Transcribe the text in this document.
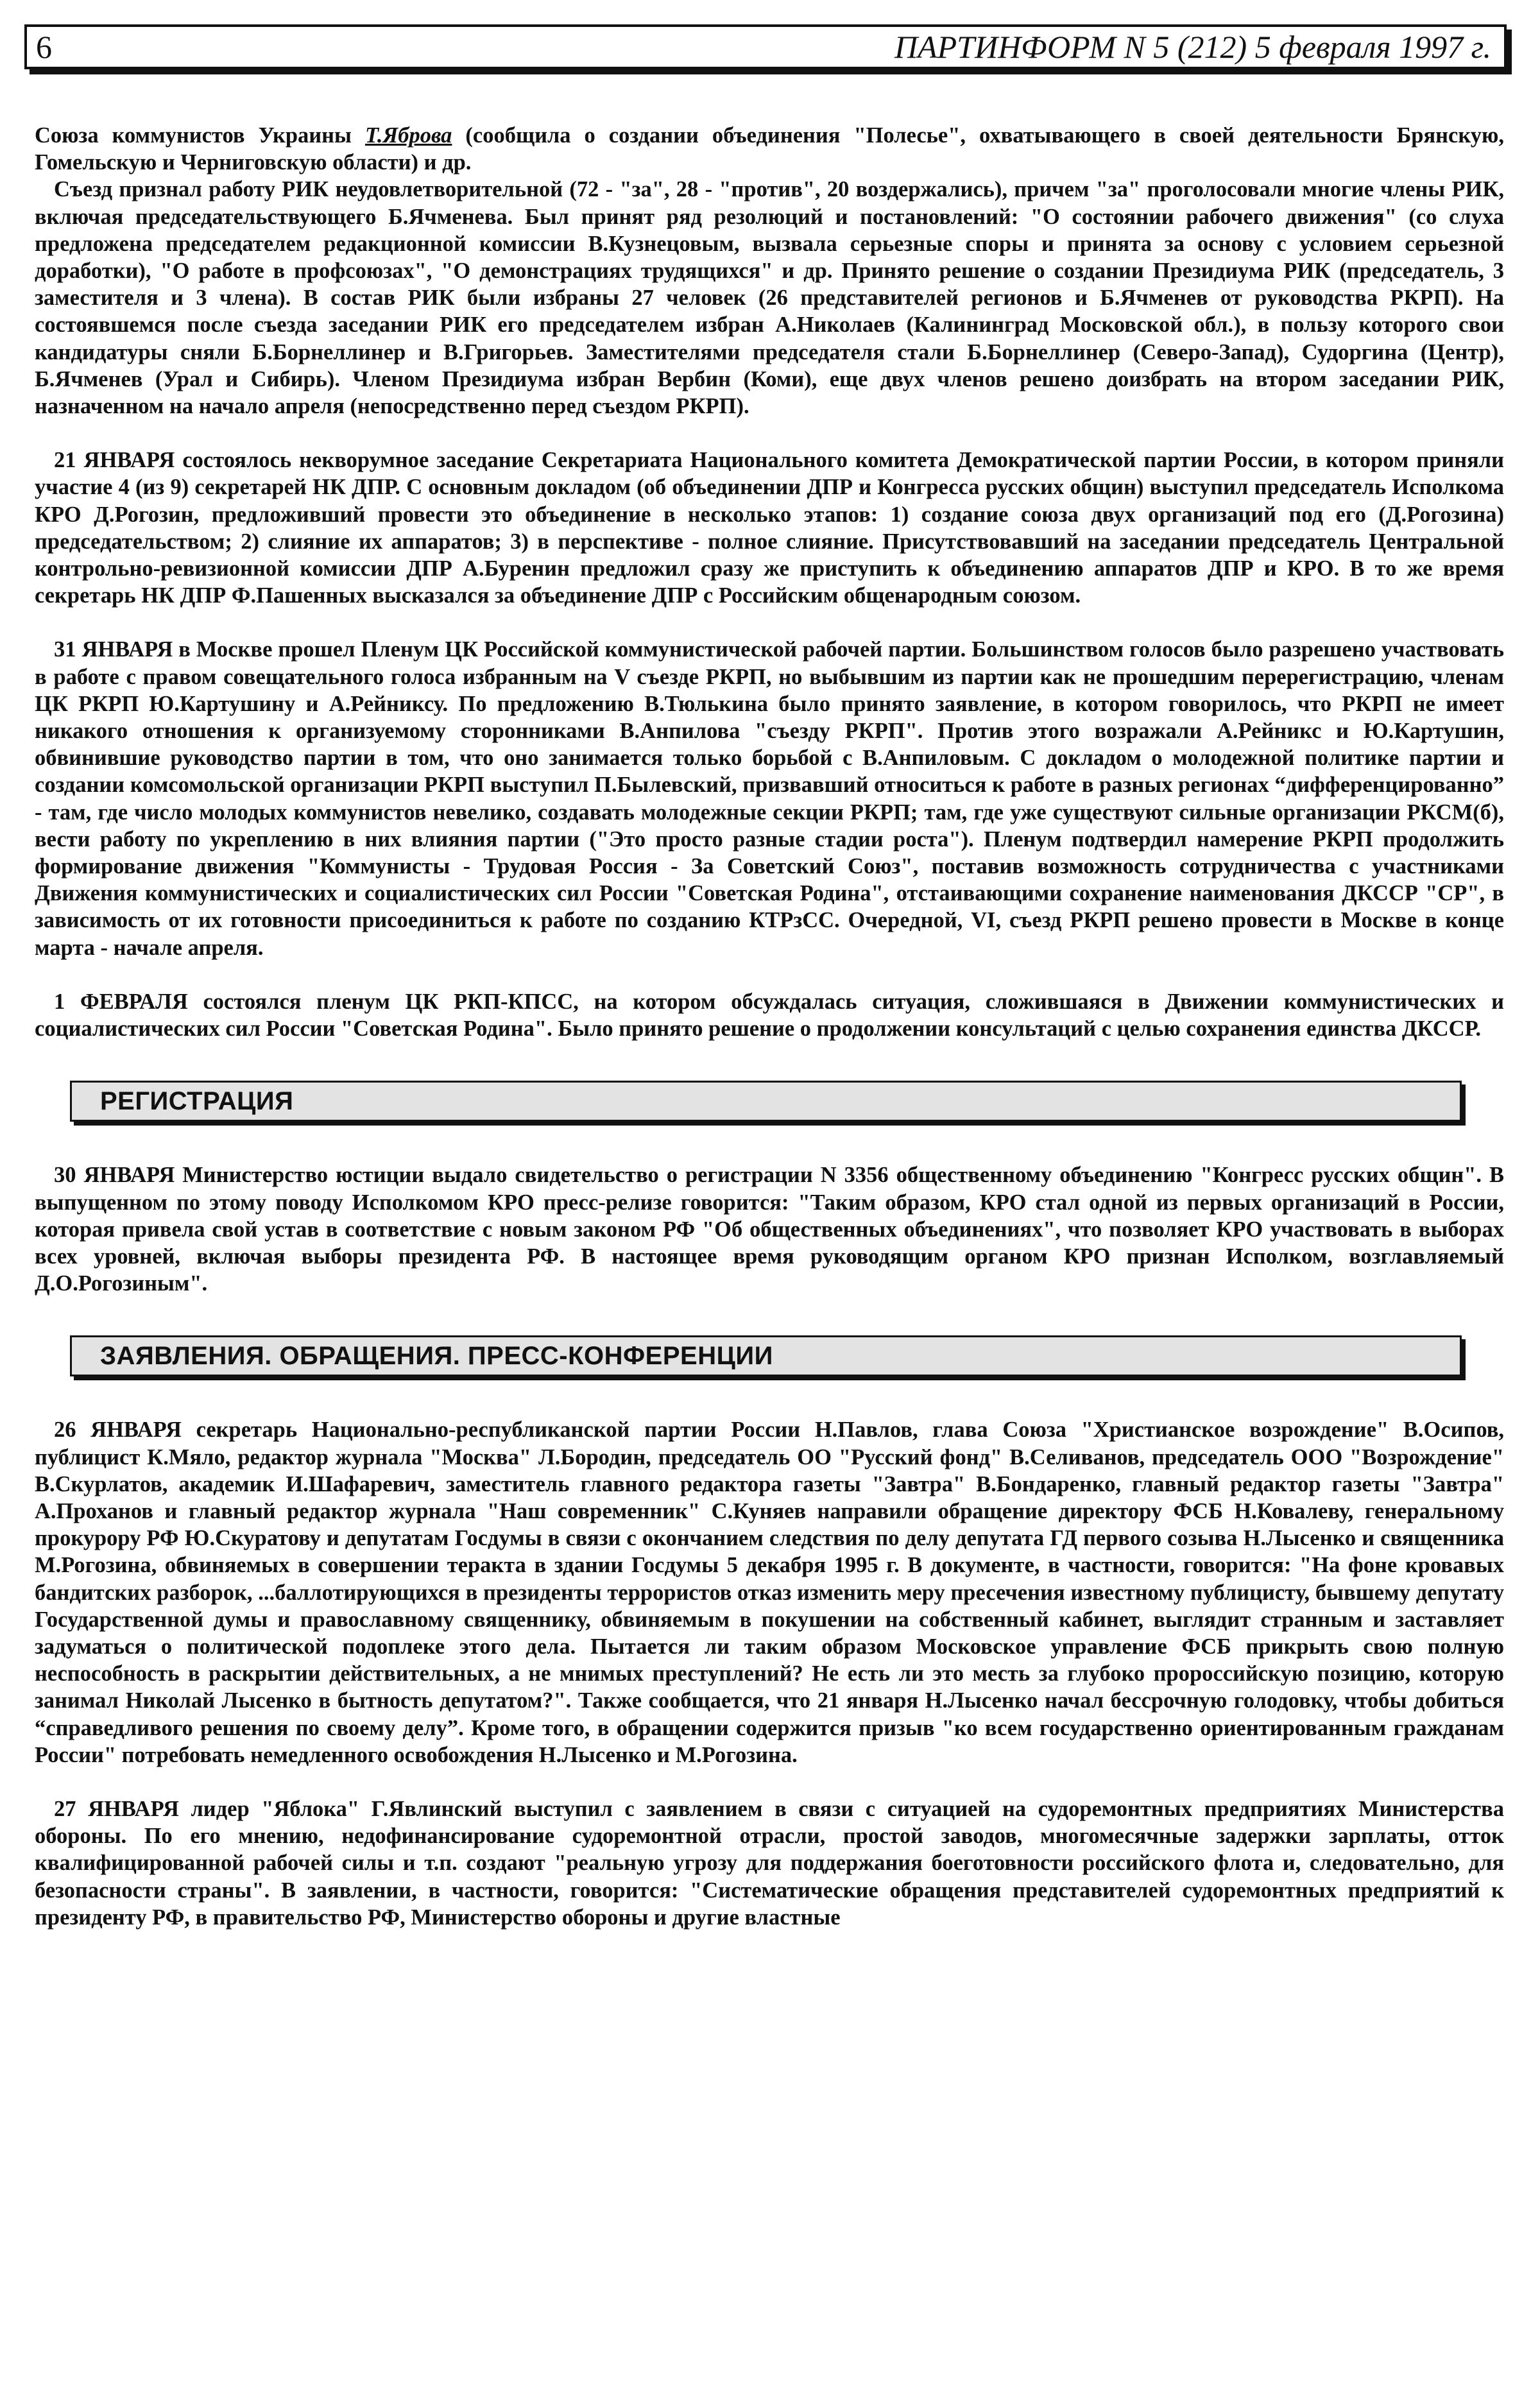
6	ПАРТИНФОРМ N 5 (212) 5 февраля 1997 г.

Союза коммунистов Украины Т.Яброва (сообщила о создании объединения "Полесье", охватывающего в своей деятельности Брянскую, Гомельскую и Черниговскую области) и др.

Съезд признал работу РИК неудовлетворительной (72 - "за", 28 - "против", 20 воздержались), причем "за" проголосовали многие члены РИК, включая председательствующего Б.Ячменева. Был принят ряд резолюций и постановлений: "О состоянии рабочего движения" (со слуха предложена председателем редакционной комиссии В.Кузнецовым, вызвала серьезные споры и принята за основу с условием серьезной доработки), "О работе в профсоюзах", "О демонстрациях трудящихся" и др. Принято решение о создании Президиума РИК (председатель, 3 заместителя и 3 члена). В состав РИК были избраны 27 человек (26 представителей регионов и Б.Ячменев от руководства РКРП). На состоявшемся после съезда заседании РИК его председателем избран А.Николаев (Калининград Московской обл.), в пользу которого свои кандидатуры сняли Б.Борнеллинер и В.Григорьев. Заместителями председателя стали Б.Борнеллинер (Северо-Запад), Судоргина (Центр), Б.Ячменев (Урал и Сибирь). Членом Президиума избран Вербин (Коми), еще двух членов решено доизбрать на втором заседании РИК, назначенном на начало апреля (непосредственно перед съездом РКРП).

21 ЯНВАРЯ состоялось некворумное заседание Секретариата Национального комитета Демократической партии России, в котором приняли участие 4 (из 9) секретарей НК ДПР. С основным докладом (об объединении ДПР и Конгресса русских общин) выступил председатель Исполкома КРО Д.Рогозин, предложивший провести это объединение в несколько этапов: 1) создание союза двух организаций под его (Д.Рогозина) председательством; 2) слияние их аппаратов; 3) в перспективе - полное слияние. Присутствовавший на заседании председатель Центральной контрольно-ревизионной комиссии ДПР А.Буренин предложил сразу же приступить к объединению аппаратов ДПР и КРО. В то же время секретарь НК ДПР Ф.Пашенных высказался за объединение ДПР с Российским общенародным союзом.

31 ЯНВАРЯ в Москве прошел Пленум ЦК Российской коммунистической рабочей партии. Большинством голосов было разрешено участвовать в работе с правом совещательного голоса избранным на V съезде РКРП, но выбывшим из партии как не прошедшим перерегистрацию, членам ЦК РКРП Ю.Картушину и А.Рейниксу. По предложению В.Тюлькина было принято заявление, в котором говорилось, что РКРП не имеет никакого отношения к организуемому сторонниками В.Анпилова "съезду РКРП". Против этого возражали А.Рейникс и Ю.Картушин, обвинившие руководство партии в том, что оно занимается только борьбой с В.Анпиловым. С докладом о молодежной политике партии и создании комсомольской организации РКРП выступил П.Былевский, призвавший относиться к работе в разных регионах “дифференцированно” - там, где число молодых коммунистов невелико, создавать молодежные секции РКРП; там, где уже существуют сильные организации РКСМ(б), вести работу по укреплению в них влияния партии ("Это просто разные стадии роста"). Пленум подтвердил намерение РКРП продолжить формирование движения "Коммунисты - Трудовая Россия - За Советский Союз", поставив возможность сотрудничества с участниками Движения коммунистических и социалистических сил России "Советская Родина", отстаивающими сохранение наименования ДКССР "СР", в зависимость от их готовности присоединиться к работе по созданию КТРзСС. Очередной, VI, съезд РКРП решено провести в Москве в конце марта - начале апреля.

1 ФЕВРАЛЯ состоялся пленум ЦК РКП-КПСС, на котором обсуждалась ситуация, сложившаяся в Движении коммунистических и социалистических сил России "Советская Родина". Было принято решение о продолжении консультаций с целью сохранения единства ДКССР.

РЕГИСТРАЦИЯ

30 ЯНВАРЯ Министерство юстиции выдало свидетельство о регистрации N 3356 общественному объединению "Конгресс русских общин". В выпущенном по этому поводу Исполкомом КРО пресс-релизе говорится: "Таким образом, КРО стал одной из первых организаций в России, которая привела свой устав в соответствие с новым законом РФ "Об общественных объединениях", что позволяет КРО участвовать в выборах всех уровней, включая выборы президента РФ. В настоящее время руководящим органом КРО признан Исполком, возглавляемый Д.О.Рогозиным".

ЗАЯВЛЕНИЯ. ОБРАЩЕНИЯ. ПРЕСС-КОНФЕРЕНЦИИ

26 ЯНВАРЯ секретарь Национально-республиканской партии России Н.Павлов, глава Союза "Христианское возрождение" В.Осипов, публицист К.Мяло, редактор журнала "Москва" Л.Бородин, председатель ОО "Русский фонд" В.Селиванов, председатель ООО "Возрождение" В.Скурлатов, академик И.Шафаревич, заместитель главного редактора газеты "Завтра" В.Бондаренко, главный редактор газеты "Завтра" А.Проханов и главный редактор журнала "Наш современник" С.Куняев направили обращение директору ФСБ Н.Ковалеву, генеральному прокурору РФ Ю.Скуратову и депутатам Госдумы в связи с окончанием следствия по делу депутата ГД первого созыва Н.Лысенко и священника М.Рогозина, обвиняемых в совершении теракта в здании Госдумы 5 декабря 1995 г. В документе, в частности, говорится: "На фоне кровавых бандитских разборок, ...баллотирующихся в президенты террористов отказ изменить меру пресечения известному публицисту, бывшему депутату Государственной думы и православному священнику, обвиняемым в покушении на собственный кабинет, выглядит странным и заставляет задуматься о политической подоплеке этого дела. Пытается ли таким образом Московское управление ФСБ прикрыть свою полную неспособность в раскрытии действительных, а не мнимых преступлений? Не есть ли это месть за глубоко пророссийскую позицию, которую занимал Николай Лысенко в бытность депутатом?". Также сообщается, что 21 января Н.Лысенко начал бессрочную голодовку, чтобы добиться “справедливого решения по своему делу”. Кроме того, в обращении содержится призыв "ко всем государственно ориентированным гражданам России" потребовать немедленного освобождения Н.Лысенко и М.Рогозина.

27 ЯНВАРЯ лидер "Яблока" Г.Явлинский выступил с заявлением в связи с ситуацией на судоремонтных предприятиях Министерства обороны. По его мнению, недофинансирование судоремонтной отрасли, простой заводов, многомесячные задержки зарплаты, отток квалифицированной рабочей силы и т.п. создают "реальную угрозу для поддержания боеготовности российского флота и, следовательно, для безопасности страны". В заявлении, в частности, говорится: "Систематические обращения представителей судоремонтных предприятий к президенту РФ, в правительство РФ, Министерство обороны и другие властные
